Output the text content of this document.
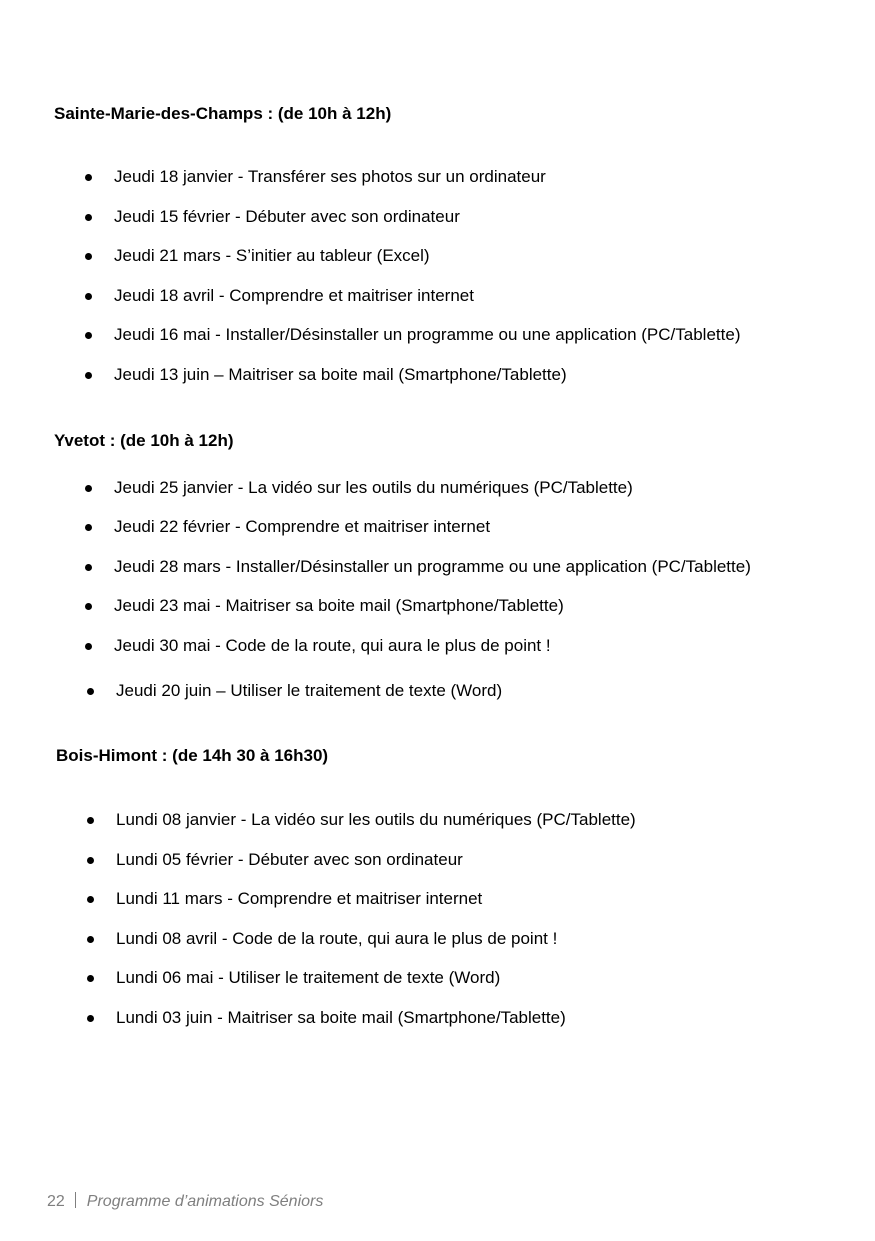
Sainte-Marie-des-Champs : (de 10h à 12h)
Jeudi 18 janvier - Transférer ses photos sur un ordinateur
Jeudi 15 février - Débuter avec son ordinateur
Jeudi 21 mars - S’initier au tableur (Excel)
Jeudi 18 avril - Comprendre et maitriser internet
Jeudi 16 mai - Installer/Désinstaller un programme ou une application (PC/Tablette)
Jeudi 13 juin – Maitriser sa boite mail (Smartphone/Tablette)
Yvetot : (de 10h à 12h)
Jeudi 25 janvier - La vidéo sur les outils du numériques (PC/Tablette)
Jeudi 22 février - Comprendre et maitriser internet
Jeudi 28 mars - Installer/Désinstaller un programme ou une application (PC/Tablette)
Jeudi 23 mai - Maitriser sa boite mail (Smartphone/Tablette)
Jeudi 30 mai - Code de la route, qui aura le plus de point !
Jeudi 20 juin – Utiliser le traitement de texte (Word)
Bois-Himont : (de 14h 30 à 16h30)
Lundi 08 janvier - La vidéo sur les outils du numériques (PC/Tablette)
Lundi 05 février - Débuter avec son ordinateur
Lundi 11 mars - Comprendre et maitriser internet
Lundi 08 avril - Code de la route, qui aura le plus de point !
Lundi 06 mai - Utiliser le traitement de texte (Word)
Lundi 03 juin - Maitriser sa boite mail (Smartphone/Tablette)
22 Programme d’animations Séniors
